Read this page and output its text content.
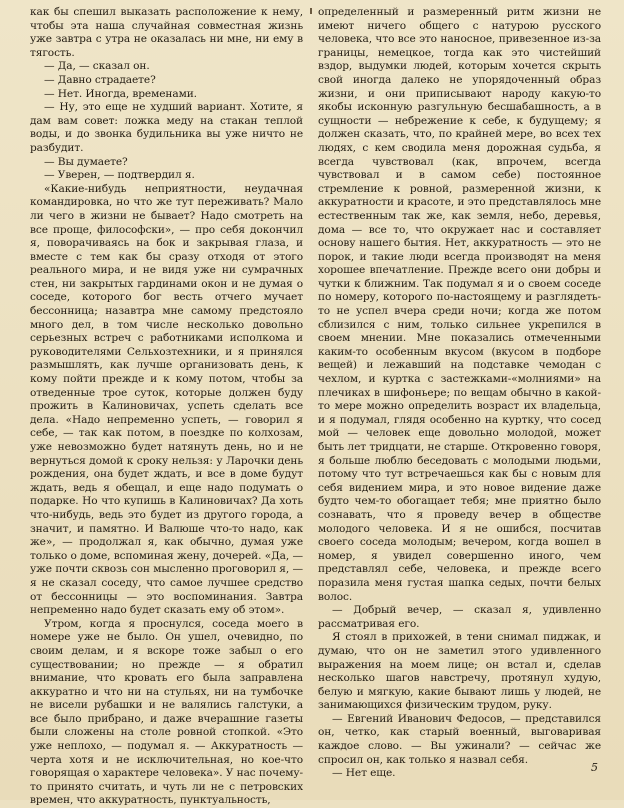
как бы спешил выказать расположение к нему, чтобы эта наша случайная совместная жизнь уже завтра с утра не оказалась ни мне, ни ему в тягость.

— Да, — сказал он.

— Давно страдаете?

— Нет. Иногда, временами.

— Ну, это еще не худший вариант. Хотите, я дам вам совет: ложка меду на стакан теплой воды, и до звонка будильника вы уже ничто не разбудит.

— Вы думаете?

— Уверен, — подтвердил я.

«Какие-нибудь неприятности, неудачная командировка, но что же тут переживать? Мало ли чего в жизни не бывает? Надо смотреть на все проще, философски», — про себя докончил я, поворачиваясь на бок и закрывая глаза, и вместе с тем как бы сразу отходя от этого реального мира, и не видя уже ни сумрачных стен, ни закрытых гардинами окон и не думая о соседе, которого бог весть отчего мучает бессонница; назавтра мне самому предстояло много дел, в том числе несколько довольно серьезных встреч с работниками исполкома и руководителями Сельхозтехники, и я принялся размышлять, как лучше организовать день, к кому пойти прежде и к кому потом, чтобы за отведенные трое суток, которые должен буду прожить в Калиновичах, успеть сделать все дела. «Надо непременно успеть, — говорил я себе, — так как потом, в поездке по колхозам, уже невозможно будет натянуть день, но и не вернуться домой к сроку нельзя: у Ларочки день рождения, она будет ждать, и все в доме будут ждать, ведь я обещал, и еще надо подумать о подарке. Но что купишь в Калиновичах? Да хоть что-нибудь, ведь это будет из другого города, а значит, и памятно. И Валюше что-то надо, как же», — продолжал я, как обычно, думая уже только о доме, вспоминая жену, дочерей. «Да, — уже почти сквозь сон мысленно проговорил я, — я не сказал соседу, что самое лучшее средство от бессонницы — это воспоминания. Завтра непременно надо будет сказать ему об этом».

Утром, когда я проснулся, соседа моего в номере уже не было. Он ушел, очевидно, по своим делам, и я вскоре тоже забыл о его существовании; но прежде — я обратил внимание, что кровать его была заправлена аккуратно и что ни на стульях, ни на тумбочке не висели рубашки и не валялись галстуки, а все было прибрано, и даже вчерашние газеты были сложены на столе ровной стопкой. «Это уже неплохо, — подумал я. — Аккуратность — черта хотя и не исключительная, но кое-что говорящая о характере человека». У нас почему-то принято считать, и чуть ли не с петровских времен, что аккуратность, пунктуальность,

определенный и размеренный ритм жизни не имеют ничего общего с натурою русского человека, что все это наносное, привезенное из-за границы, немецкое, тогда как это чистейший вздор, выдумки людей, которым хочется скрыть свой иногда далеко не упорядоченный образ жизни, и они приписывают народу какую-то якобы исконную разгульную бесшабашность, а в сущности — небрежение к себе, к будущему; я должен сказать, что, по крайней мере, во всех тех людях, с кем сводила меня дорожная судьба, я всегда чувствовал (как, впрочем, всегда чувствовал и в самом себе) постоянное стремление к ровной, размеренной жизни, к аккуратности и красоте, и это представлялось мне естественным так же, как земля, небо, деревья, дома — все то, что окружает нас и составляет основу нашего бытия. Нет, аккуратность — это не порок, и такие люди всегда производят на меня хорошее впечатление. Прежде всего они добры и чутки к ближним. Так подумал я и о своем соседе по номеру, которого по-настоящему и разглядеть-то не успел вчера среди ночи; когда же потом сблизился с ним, только сильнее укрепился в своем мнении. Мне показались отмеченными каким-то особенным вкусом (вкусом в подборе вещей) и лежавший на подставке чемодан с чехлом, и куртка с застежками-«молниями» на плечиках в шифоньере; по вещам обычно в какой-то мере можно определить возраст их владельца, и я подумал, глядя особенно на куртку, что сосед мой — человек еще довольно молодой, может быть лет тридцати, не старше. Откровенно говоря, я больше люблю беседовать с молодыми людьми, потому что тут встречаешься как бы с новым для себя видением мира, и это новое видение даже будто чем-то обогащает тебя; мне приятно было сознавать, что я проведу вечер в обществе молодого человека. И я не ошибся, посчитав своего соседа молодым; вечером, когда вошел в номер, я увидел совершенно иного, чем представлял себе, человека, и прежде всего поразила меня густая шапка седых, почти белых волос.

— Добрый вечер, — сказал я, удивленно рассматривая его.

Я стоял в прихожей, в тени снимал пиджак, и думаю, что он не заметил этого удивленного выражения на моем лице; он встал и, сделав несколько шагов навстречу, протянул худую, белую и мягкую, какие бывают лишь у людей, не занимающихся физическим трудом, руку.

— Евгений Иванович Федосов, — представился он, четко, как старый военный, выговаривая каждое слово. — Вы ужинали? — сейчас же спросил он, как только я назвал себя.

— Нет еще.	5
